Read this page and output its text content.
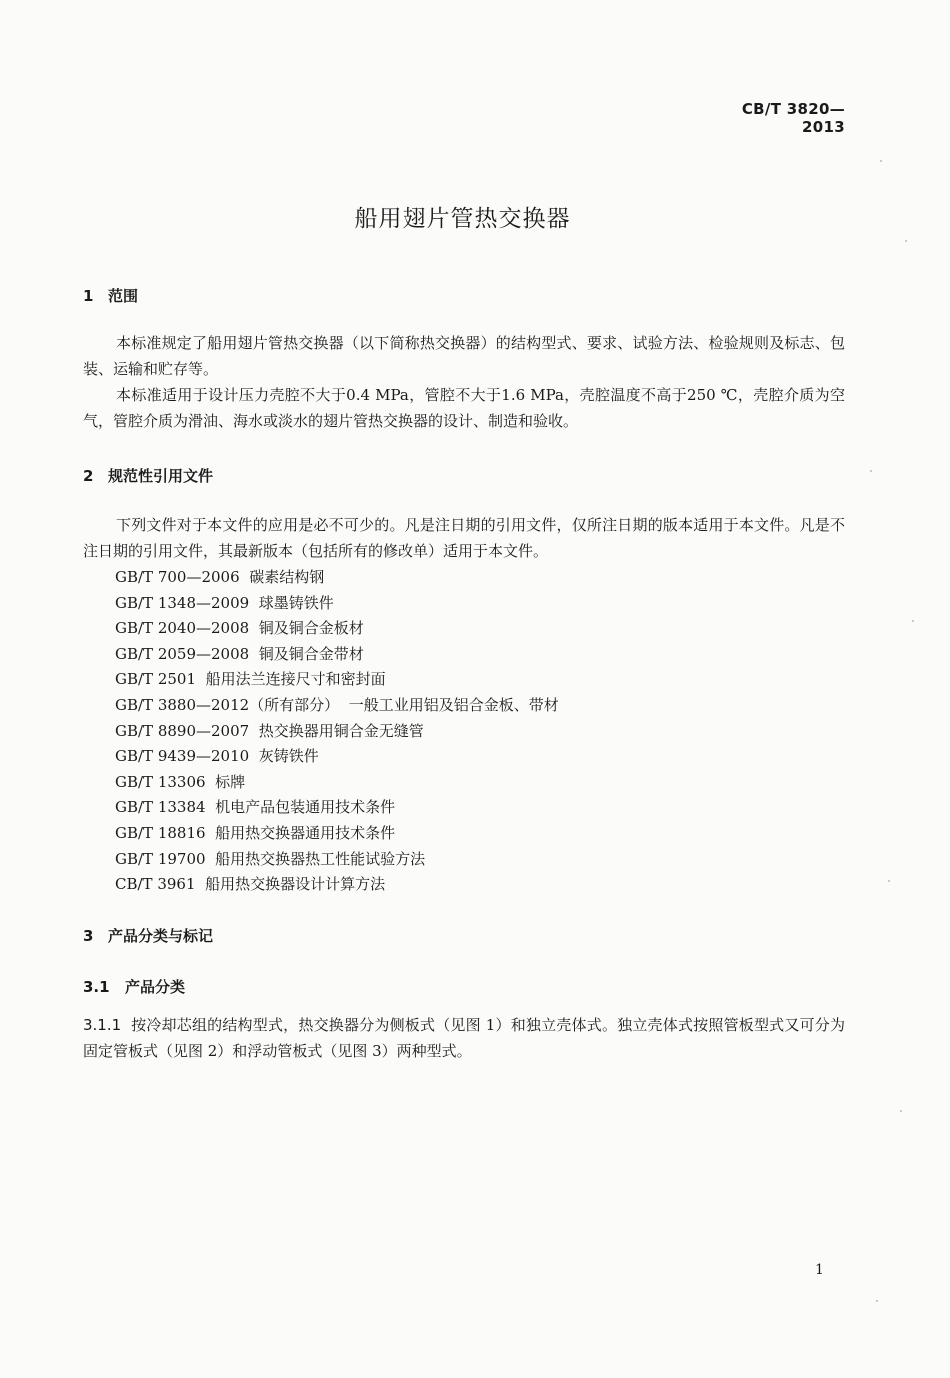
CB/T 3820—2013
船用翅片管热交换器
1 范围
本标准规定了船用翅片管热交换器（以下简称热交换器）的结构型式、要求、试验方法、检验规则及标志、包装、运输和贮存等。
本标准适用于设计压力壳腔不大于0.4 MPa，管腔不大于1.6 MPa，壳腔温度不高于250 ℃，壳腔介质为空气，管腔介质为滑油、海水或淡水的翅片管热交换器的设计、制造和验收。
2 规范性引用文件
下列文件对于本文件的应用是必不可少的。凡是注日期的引用文件，仅所注日期的版本适用于本文件。凡是不注日期的引用文件，其最新版本（包括所有的修改单）适用于本文件。
GB/T 700—2006 碳素结构钢
GB/T 1348—2009 球墨铸铁件
GB/T 2040—2008 铜及铜合金板材
GB/T 2059—2008 铜及铜合金带材
GB/T 2501 船用法兰连接尺寸和密封面
GB/T 3880—2012（所有部分） 一般工业用铝及铝合金板、带材
GB/T 8890—2007 热交换器用铜合金无缝管
GB/T 9439—2010 灰铸铁件
GB/T 13306 标牌
GB/T 13384 机电产品包装通用技术条件
GB/T 18816 船用热交换器通用技术条件
GB/T 19700 船用热交换器热工性能试验方法
CB/T 3961 船用热交换器设计计算方法
3 产品分类与标记
3.1 产品分类
3.1.1 按冷却芯组的结构型式，热交换器分为侧板式（见图 1）和独立壳体式。独立壳体式按照管板型式又可分为固定管板式（见图 2）和浮动管板式（见图 3）两种型式。
1
